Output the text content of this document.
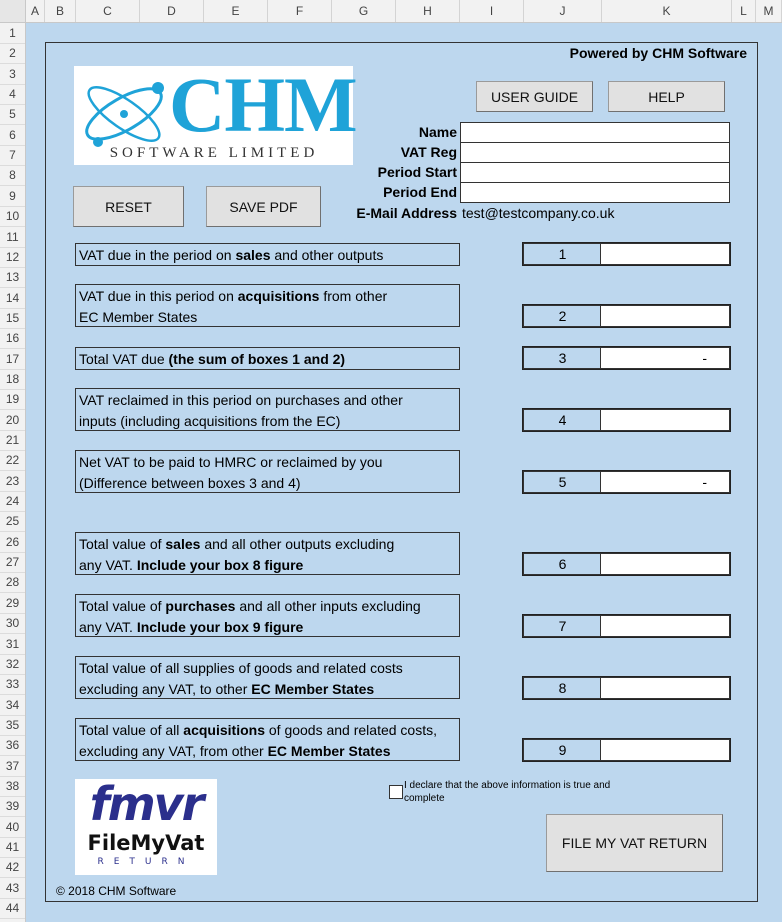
A	B	C	D	E	F	G	H	I	J	K	L	M
1
2
3
4
5
6
7
8
9
10
11
12
13
14
15
16
17
18
19
20
21
22
23
24
25
26
27
28
29
30
31
32
33
34
35
36
37
38
39
40
41
42
43
44
Powered by CHM Software
CHM
SOFTWARE LIMITED
USER GUIDE	HELP
RESET	SAVE PDF
Name
VAT Reg
Period Start
Period End
E-Mail Address test@testcompany.co.uk
VAT due in the period on sales and other outputs	1
VAT due in this period on acquisitions from other
EC Member States	2
Total VAT due (the sum of boxes 1 and 2)	3	-
VAT reclaimed in this period on purchases and other
inputs (including acquisitions from the EC)	4
Net VAT to be paid to HMRC or reclaimed by you
(Difference between boxes 3 and 4)	5	-
Total value of sales and all other outputs excluding
any VAT. Include your box 8 figure	6
Total value of purchases and all other inputs excluding
any VAT. Include your box 9 figure	7
Total value of all supplies of goods and related costs
excluding any VAT, to other EC Member States	8
Total value of all acquisitions of goods and related costs,
excluding any VAT, from other EC Member States	9
I declare that the above information is true and complete
fmvr
FileMyVat
RETURN
FILE MY VAT RETURN
© 2018 CHM Software
